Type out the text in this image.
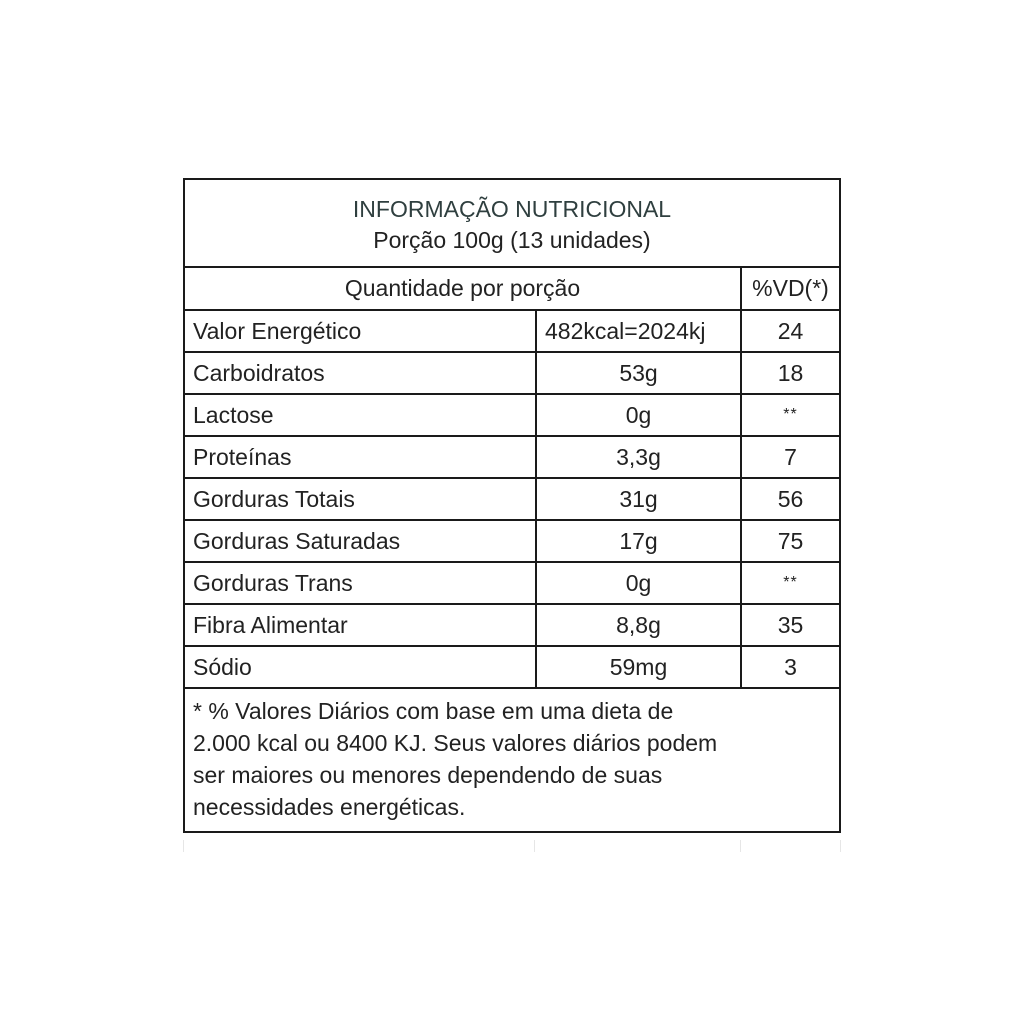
INFORMAÇÃO NUTRICIONAL
Porção 100g (13 unidades)
Quantidade por porção		%VD(*)
Valor Energético	482kcal=2024kj	24
Carboidratos	53g	18
Lactose	0g	**
Proteínas	3,3g	7
Gorduras Totais	31g	56
Gorduras Saturadas	17g	75
Gorduras Trans	0g	**
Fibra Alimentar	8,8g	35
Sódio	59mg	3
* % Valores Diários com base em uma dieta de
2.000 kcal ou 8400 KJ. Seus valores diários podem
ser maiores ou menores dependendo de suas
necessidades energéticas.
